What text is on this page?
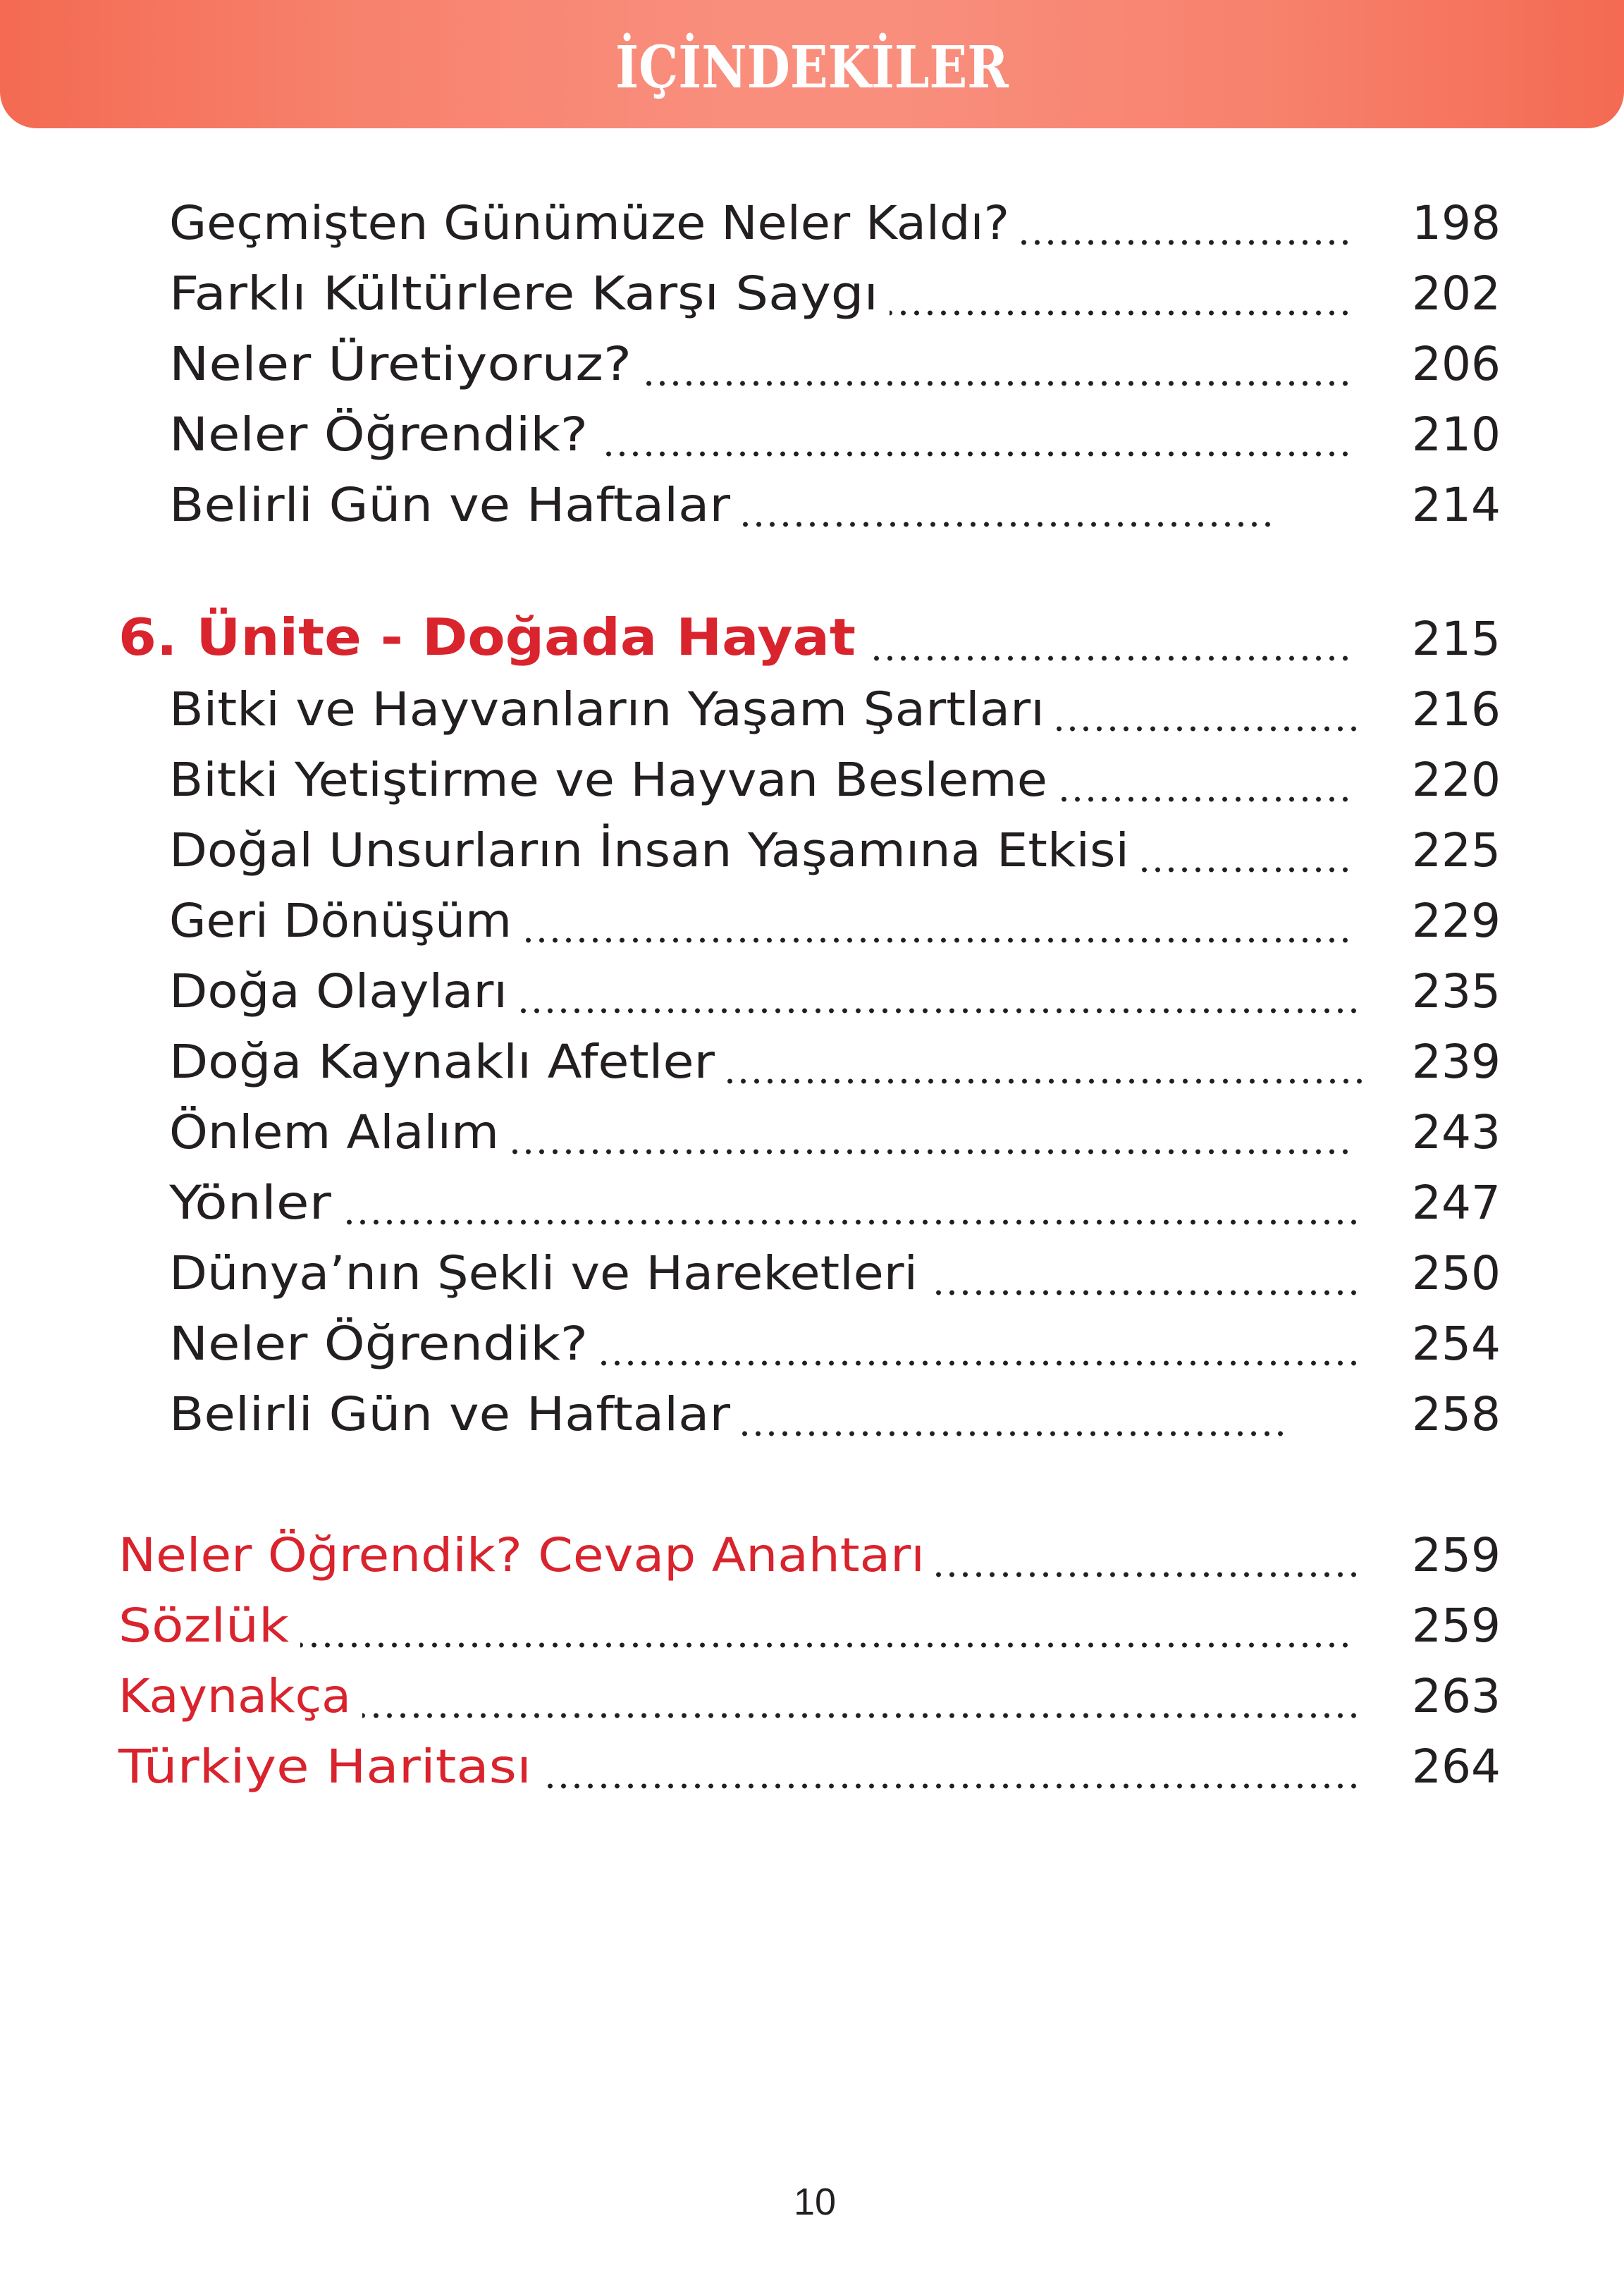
İÇİNDEKİLER
Geçmişten Günümüze Neler Kaldı?	198
Farklı Kültürlere Karşı Saygı	202
Neler Üretiyoruz?	206
Neler Öğrendik?	210
Belirli Gün ve Haftalar	214
6. Ünite - Doğada Hayat	215
Bitki ve Hayvanların Yaşam Şartları	216
Bitki Yetiştirme ve Hayvan Besleme	220
Doğal Unsurların İnsan Yaşamına Etkisi	225
Geri Dönüşüm	229
Doğa Olayları	235
Doğa Kaynaklı Afetler	239
Önlem Alalım	243
Yönler	247
Dünya’nın Şekli ve Hareketleri	250
Neler Öğrendik?	254
Belirli Gün ve Haftalar	258
Neler Öğrendik? Cevap Anahtarı	259
Sözlük	259
Kaynakça	263
Türkiye Haritası	264
10
